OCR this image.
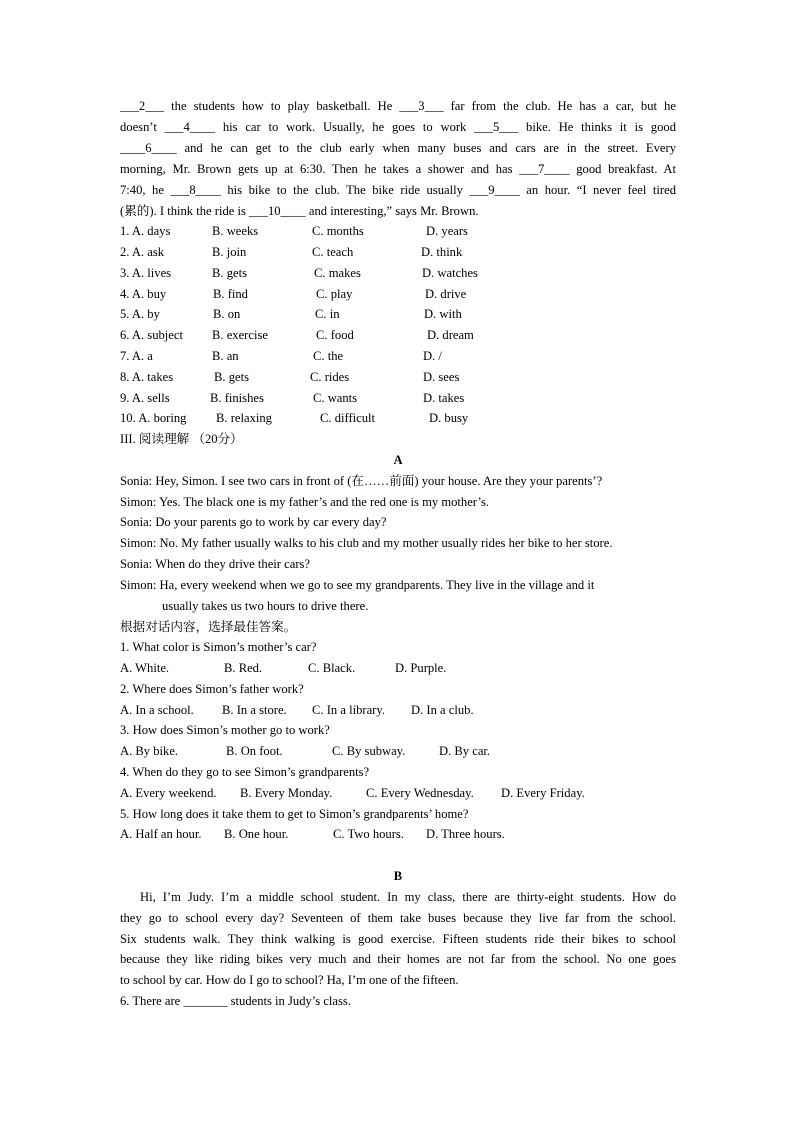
___2___ the students how to play basketball. He ___3___ far from the club. He has a car, but he
doesn’t ___4____ his car to work. Usually, he goes to work ___5___ bike. He thinks it is good
____6____ and he can get to the club early when many buses and cars are in the street. Every
morning, Mr. Brown gets up at 6:30. Then he takes a shower and has ___7____ good breakfast. At
7:40, he ___8____ his bike to the club. The bike ride usually ___9____ an hour. “I never feel tired
(累的). I think the ride is ___10____ and interesting,” says Mr. Brown.
1. A. days	B. weeks	C. months	D. years
2. A. ask	B. join	C. teach	D. think
3. A. lives	B. gets	C. makes	D. watches
4. A. buy	B. find	C. play	D. drive
5. A. by	B. on	C. in	D. with
6. A. subject B. exercise	C. food	D. dream
7. A. a	B. an	C. the	D. /
8. A. takes	B. gets	C. rides	D. sees
9. A. sells	B. finishes	C. wants	D. takes
10. A. boring B. relaxing	C. difficult	D. busy
III. 阅读理解 （20分）
A
Sonia: Hey, Simon. I see two cars in front of (在……前面) your house. Are they your parents’?
Simon: Yes. The black one is my father’s and the red one is my mother’s.
Sonia: Do your parents go to work by car every day?
Simon: No. My father usually walks to his club and my mother usually rides her bike to her store.
Sonia: When do they drive their cars?
Simon: Ha, every weekend when we go to see my grandparents. They live in the village and it
usually takes us two hours to drive there.
根据对话内容，选择最佳答案。
1. What color is Simon’s mother’s car?
A. White.	B. Red.	C. Black.	D. Purple.
2. Where does Simon’s father work?
A. In a school. B. In a store. C. In a library. D. In a club.
3. How does Simon’s mother go to work?
A. By bike.	B. On foot.	C. By subway.	D. By car.
4. When do they go to see Simon’s grandparents?
A. Every weekend. B. Every Monday.	C. Every Wednesday. D. Every Friday.
5. How long does it take them to get to Simon’s grandparents’ home?
A. Half an hour. B. One hour.	C. Two hours. D. Three hours.
B
Hi, I’m Judy. I’m a middle school student. In my class, there are thirty-eight students. How do
they go to school every day? Seventeen of them take buses because they live far from the school.
Six students walk. They think walking is good exercise. Fifteen students ride their bikes to school
because they like riding bikes very much and their homes are not far from the school. No one goes
to school by car. How do I go to school? Ha, I’m one of the fifteen.
6. There are _______ students in Judy’s class.
